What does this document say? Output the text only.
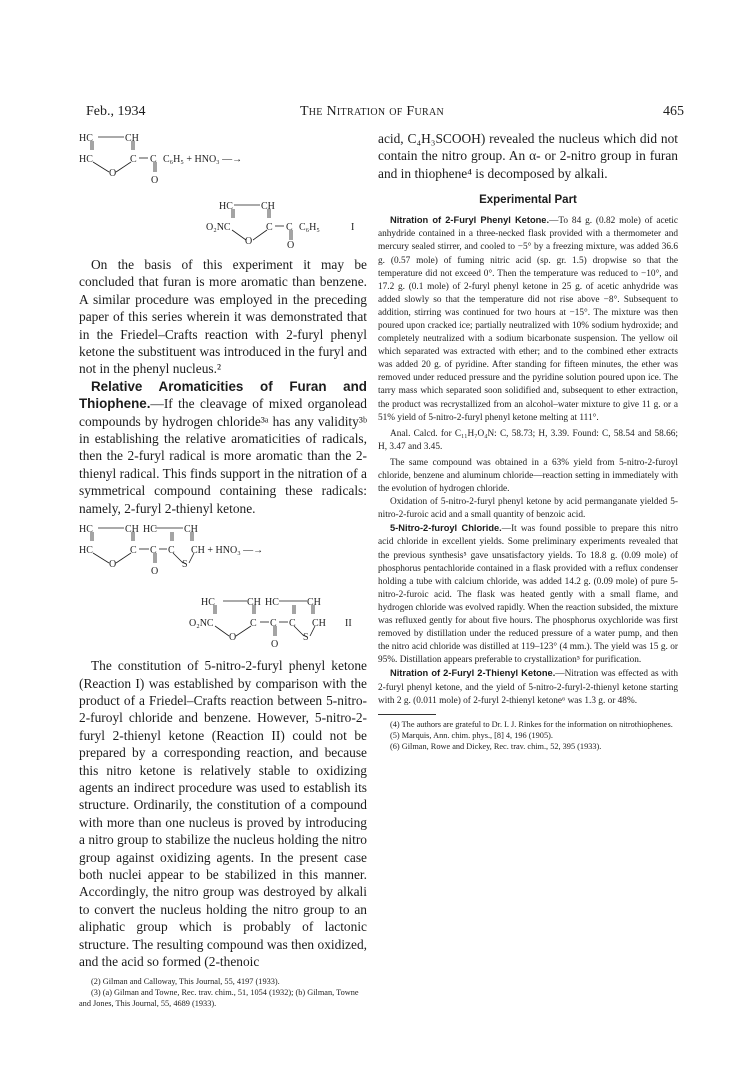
Feb., 1934	The Nitration of Furan	465
HC	CH
HC	C C C₆H₅ + HNO₃ —→
O
O
HC	CH
O₂NC	C C C₆H₅	I
O	O

On the basis of this experiment it may be concluded that furan is more aromatic than benzene. A similar procedure was employed in the preceding paper of this series wherein it was demonstrated that in the Friedel–Crafts reaction with 2-furyl phenyl ketone the substituent was introduced in the furyl and not in the phenyl nucleus.²

Relative Aromaticities of Furan and Thiophene.—If the cleavage of mixed organolead compounds by hydrogen chloride³ᵃ has any validity³ᵇ in establishing the relative aromaticities of radicals, then the 2-furyl radical is more aromatic than the 2-thienyl radical. This finds support in the nitration of a symmetrical compound containing these radicals: namely, 2-furyl 2-thienyl ketone.

HC	CH HC	CH
HC	C C C CH + HNO₃ —→
O	S
O
HC	CH HC	CH
O₂NC	C C C CH II
O	S
O

The constitution of 5-nitro-2-furyl phenyl ketone (Reaction I) was established by comparison with the product of a Friedel–Crafts reaction between 5-nitro-2-furoyl chloride and benzene. However, 5-nitro-2-furyl 2-thienyl ketone (Reaction II) could not be prepared by a corresponding reaction, and because this nitro ketone is relatively stable to oxidizing agents an indirect procedure was used to establish its structure. Ordinarily, the constitution of a compound with more than one nucleus is proved by introducing a nitro group to stabilize the nucleus holding the nitro group against oxidizing agents. In the present case both nuclei appear to be stabilized in this manner. Accordingly, the nitro group was destroyed by alkali to convert the nucleus holding the nitro group to an aliphatic group which is probably of lactonic structure. The resulting compound was then oxidized, and the acid so formed (2-thenoic

(2) Gilman and Calloway, This Journal, 55, 4197 (1933).

(3) (a) Gilman and Towne, Rec. trav. chim., 51, 1054 (1932); (b) Gilman, Towne and Jones, This Journal, 55, 4689 (1933).

acid, C₄H₃SCOOH) revealed the nucleus which did not contain the nitro group. An α- or 2-nitro group in furan and in thiophene⁴ is decomposed by alkali.

Experimental Part

Nitration of 2-Furyl Phenyl Ketone.—To 84 g. (0.82 mole) of acetic anhydride contained in a three-necked flask provided with a thermometer and mercury sealed stirrer, and cooled to −5° by a freezing mixture, was added 36.6 g. (0.57 mole) of fuming nitric acid (sp. gr. 1.5) dropwise so that the temperature did not exceed 0°. Then the temperature was reduced to −10°, and 17.2 g. (0.1 mole) of 2-furyl phenyl ketone in 25 g. of acetic anhydride was added slowly so that the temperature did not rise above −8°. Subsequent to addition, stirring was continued for two hours at −15°. The mixture was then poured upon cracked ice; partially neutralized with 10% sodium hydroxide; and completely neutralized with a sodium bicarbonate suspension. The yellow oil which separated was extracted with ether; and to the combined ether extracts was added 20 g. of pyridine. After standing for fifteen minutes, the ether was removed under reduced pressure and the pyridine solution poured upon ice. The tarry mass which separated soon solidified and, subsequent to ether extraction, the product was recrystallized from an alcohol–water mixture to give 11 g. or a 51% yield of 5-nitro-2-furyl phenyl ketone melting at 111°.

Anal. Calcd. for C₁₁H₇O₄N: C, 58.73; H, 3.39. Found: C, 58.54 and 58.66; H, 3.47 and 3.45.

The same compound was obtained in a 63% yield from 5-nitro-2-furoyl chloride, benzene and aluminum chloride—reaction setting in immediately with the evolution of hydrogen chloride.

Oxidation of 5-nitro-2-furyl phenyl ketone by acid permanganate yielded 5-nitro-2-furoic acid and a small quantity of benzoic acid.

5-Nitro-2-furoyl Chloride.—It was found possible to prepare this nitro acid chloride in excellent yields. Some preliminary experiments revealed that the previous synthesis⁵ gave unsatisfactory yields. To 18.8 g. (0.09 mole) of phosphorus pentachloride contained in a flask provided with a reflux condenser holding a tube with calcium chloride, was added 14.2 g. (0.09 mole) of pure 5-nitro-2-furoic acid. The flask was heated gently with a small flame, and hydrogen chloride was evolved rapidly. When the reaction subsided, the mixture was refluxed gently for about five hours. The phosphorus oxychloride was first removed by distillation under the reduced pressure of a water pump, and then the nitro acid chloride was distilled at 119–123° (4 mm.). The yield was 15 g. or 95%. Distillation appears preferable to crystallization⁵ for purification.

Nitration of 2-Furyl 2-Thienyl Ketone.—Nitration was effected as with 2-furyl phenyl ketone, and the yield of 5-nitro-2-furyl-2-thienyl ketone starting with 2 g. (0.011 mole) of 2-furyl 2-thienyl ketone⁶ was 1.3 g. or 48%.

(4) The authors are grateful to Dr. I. J. Rinkes for the information on nitrothiophenes.

(5) Marquis, Ann. chim. phys., [8] 4, 196 (1905).

(6) Gilman, Rowe and Dickey, Rec. trav. chim., 52, 395 (1933).
